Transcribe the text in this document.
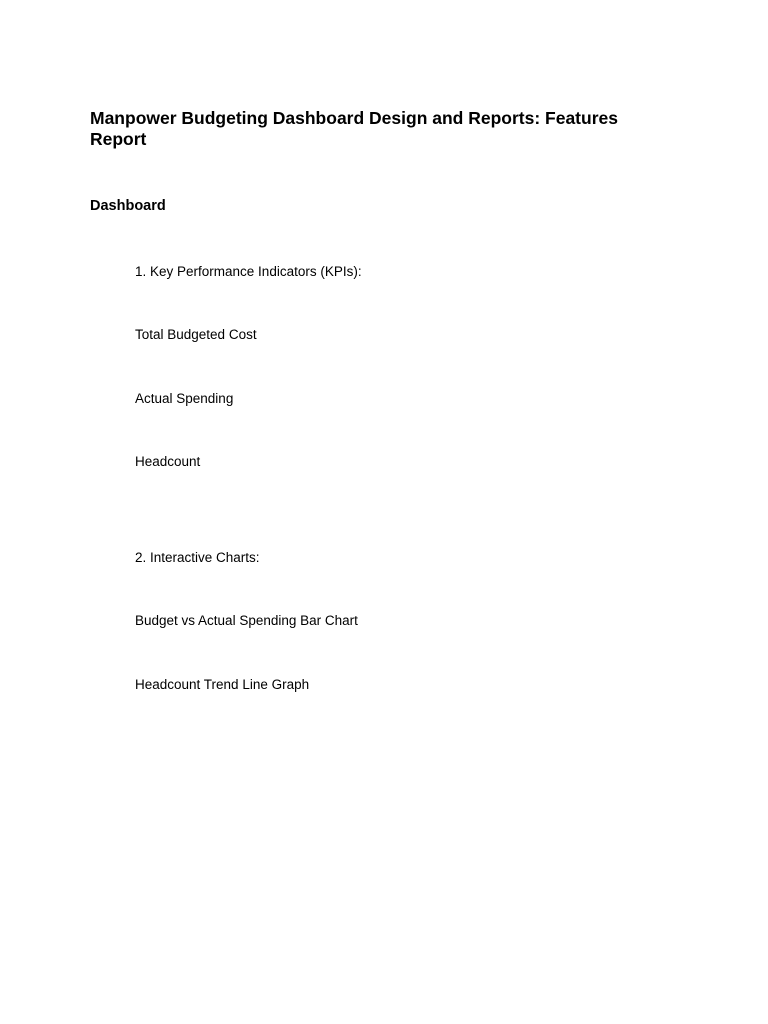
Manpower Budgeting Dashboard Design and Reports: Features Report
Dashboard

1. Key Performance Indicators (KPIs):

Total Budgeted Cost

Actual Spending

Headcount

2. Interactive Charts:

Budget vs Actual Spending Bar Chart

Headcount Trend Line Graph
